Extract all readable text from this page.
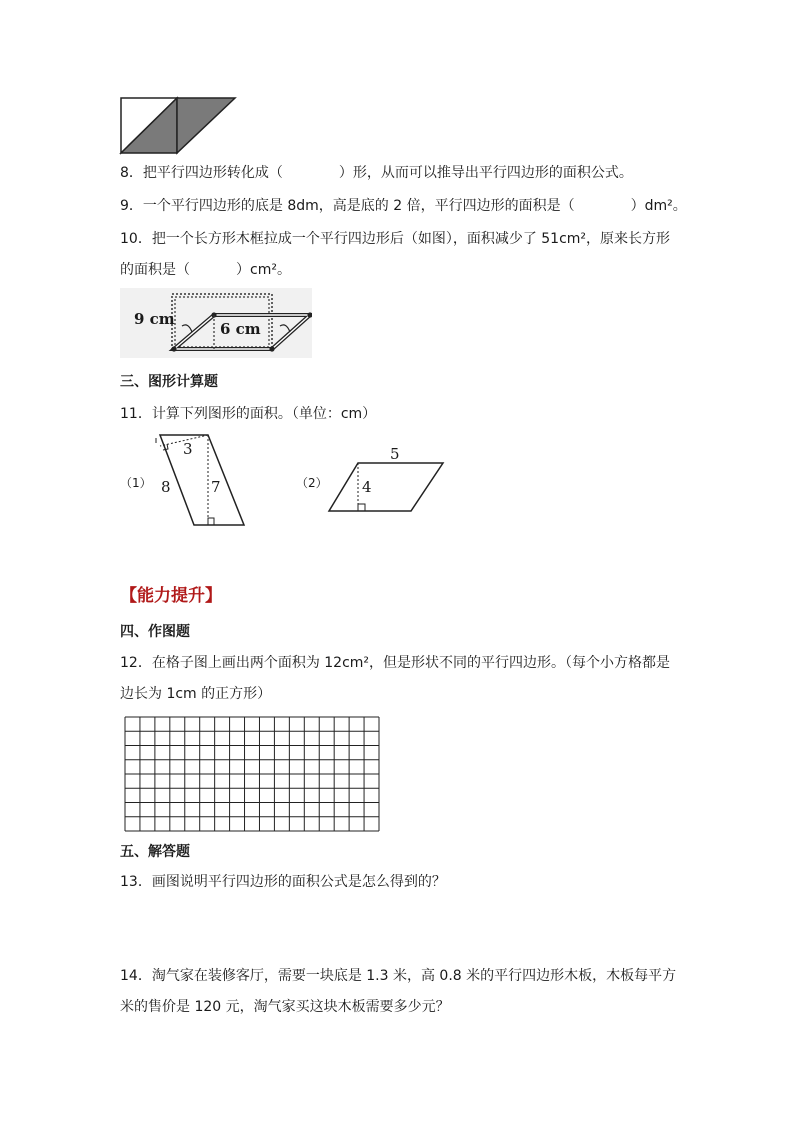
8．把平行四边形转化成（	）形，从而可以推导出平行四边形的面积公式。
9．一个平行四边形的底是 8dm，高是底的 2 倍，平行四边形的面积是（	）dm²。
10．把一个长方形木框拉成一个平行四边形后（如图），面积减少了 51cm²，原来长方形
的面积是（	）cm²。
9 cm
6 cm
三、图形计算题
11．计算下列图形的面积。（单位：cm）
（1）
3
8	7	（2）
5
4
【能力提升】
四、作图题
12．在格子图上画出两个面积为 12cm²，但是形状不同的平行四边形。（每个小方格都是
边长为 1cm 的正方形）
五、解答题
13．画图说明平行四边形的面积公式是怎么得到的？
14．淘气家在装修客厅，需要一块底是 1.3 米，高 0.8 米的平行四边形木板，木板每平方
米的售价是 120 元，淘气家买这块木板需要多少元？
